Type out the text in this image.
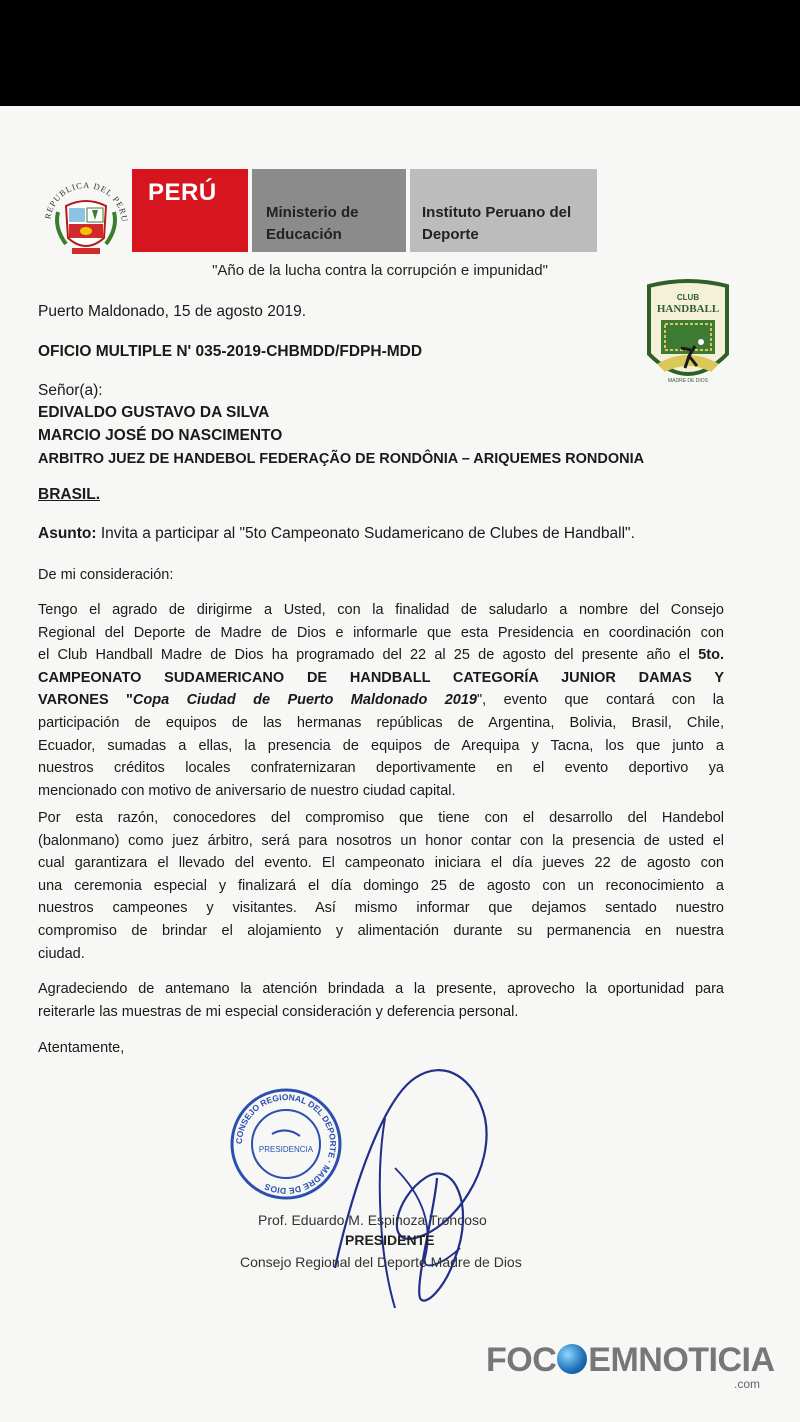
REPUBLICA DEL PERU
PERÚ
Ministerio de Educación
Instituto Peruano del Deporte
"Año de la lucha contra la corrupción e impunidad"
CLUB
HANDBALL
MADRE DE DIOS
Puerto Maldonado, 15 de agosto 2019.
OFICIO MULTIPLE N' 035-2019-CHBMDD/FDPH-MDD
Señor(a):
EDIVALDO GUSTAVO DA SILVA
MARCIO JOSÉ DO NASCIMENTO
ARBITRO JUEZ DE HANDEBOL FEDERAÇÃO DE RONDÔNIA – ARIQUEMES RONDONIA
BRASIL.
Asunto: Invita a participar al "5to Campeonato Sudamericano de Clubes de Handball".
De mi consideración:
Tengo el agrado de dirigirme a Usted, con la finalidad de saludarlo a nombre del Consejo
Regional del Deporte de Madre de Dios e informarle que esta Presidencia en coordinación con
el Club Handball Madre de Dios ha programado del 22 al 25 de agosto del presente año el 5to.
CAMPEONATO SUDAMERICANO DE HANDBALL CATEGORÍA JUNIOR DAMAS Y
VARONES "Copa Ciudad de Puerto Maldonado 2019", evento que contará con la
participación de equipos de las hermanas repúblicas de Argentina, Bolivia, Brasil, Chile,
Ecuador, sumadas a ellas, la presencia de equipos de Arequipa y Tacna, los que junto a
nuestros créditos locales confraternizaran deportivamente en el evento deportivo ya
mencionado con motivo de aniversario de nuestro ciudad capital.
Por esta razón, conocedores del compromiso que tiene con el desarrollo del Handebol
(balonmano) como juez árbitro, será para nosotros un honor contar con la presencia de usted el
cual garantizara el llevado del evento. El campeonato iniciara el día jueves 22 de agosto con
una ceremonia especial y finalizará el día domingo 25 de agosto con un reconocimiento a
nuestros campeones y visitantes. Así mismo informar que dejamos sentado nuestro
compromiso de brindar el alojamiento y alimentación durante su permanencia en nuestra
ciudad.
Agradeciendo de antemano la atención brindada a la presente, aprovecho la oportunidad para
reiterarle las muestras de mi especial consideración y deferencia personal.
Atentamente,
CONSEJO REGIONAL DEL DEPORTE · MADRE DE DIOS
PRESIDENCIA
Prof. Eduardo M. Espinoza Troncoso
PRESIDENTE
Consejo Regional del Deporte Madre de Dios
FOC EMNOTICIA
.com
